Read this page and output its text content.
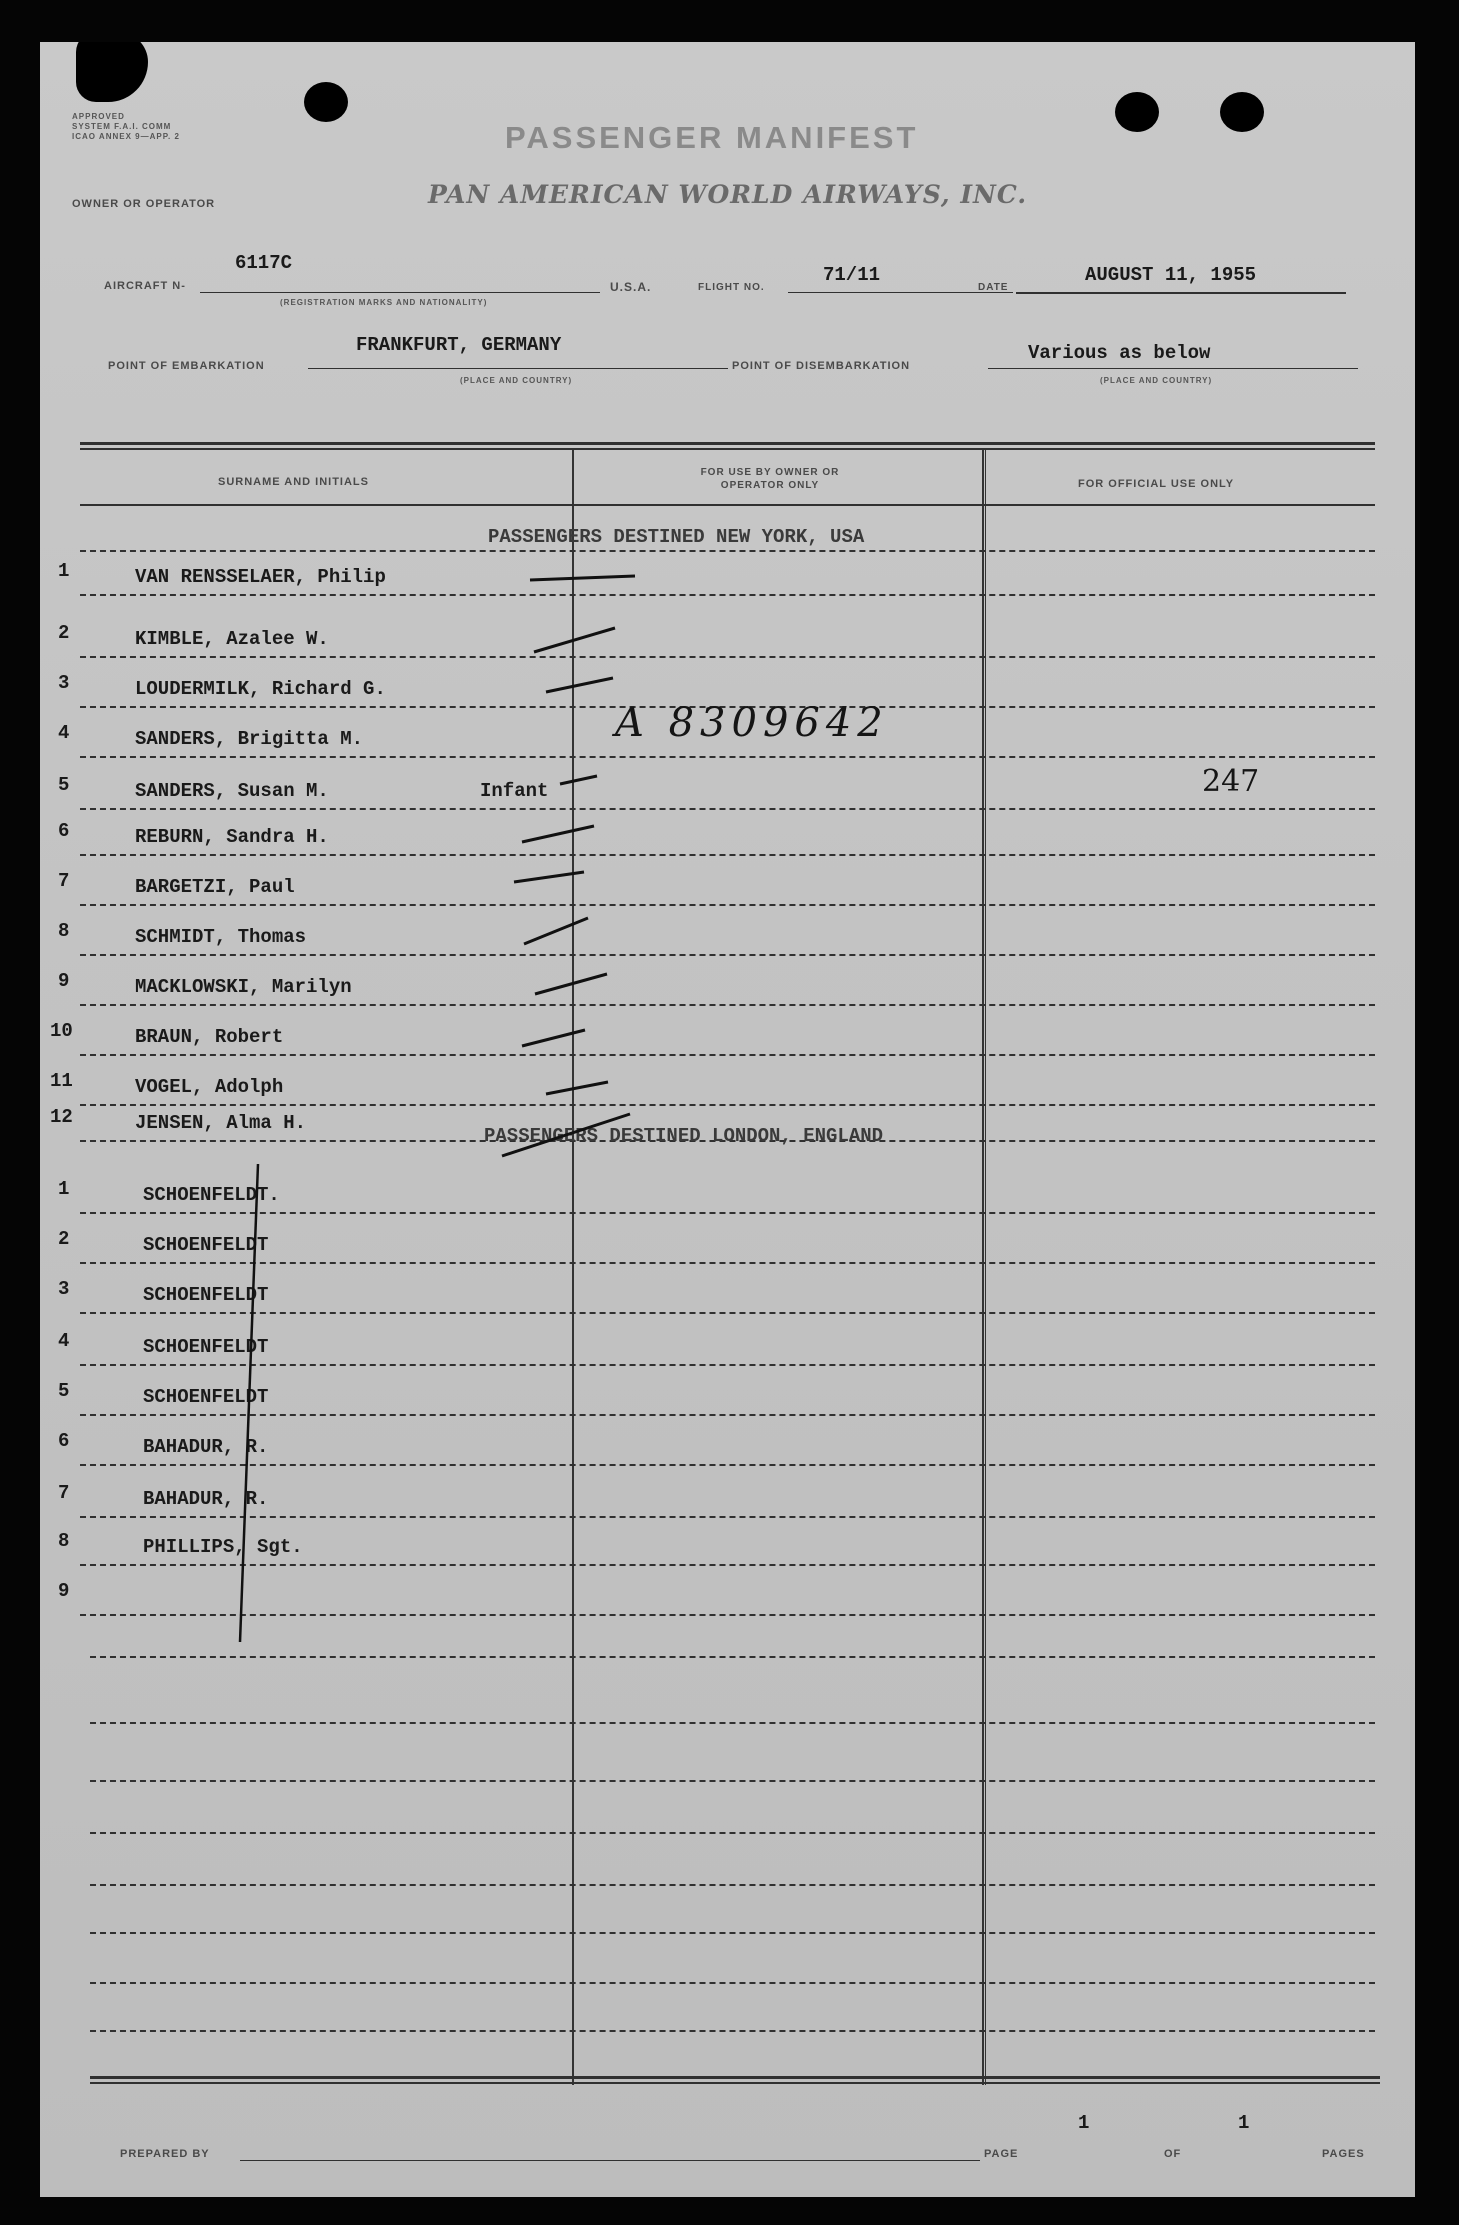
APPROVED
SYSTEM F.A.I. COMM
ICAO ANNEX 9—APP. 2	PASSENGER MANIFEST
OWNER OR OPERATOR	PAN AMERICAN WORLD AIRWAYS, INC.
AIRCRAFT N-
6117C
(REGISTRATION MARKS AND NATIONALITY)
U.S.A.	FLIGHT NO.
71/11
DATE
AUGUST 11, 1955
POINT OF EMBARKATION
FRANKFURT, GERMANY
(PLACE AND COUNTRY)
POINT OF DISEMBARKATION
Various as below
(PLACE AND COUNTRY)
SURNAME AND INITIALS
FOR USE BY OWNER OR OPERATOR ONLY	FOR OFFICIAL USE ONLY
PASSENGERS DESTINED NEW YORK, USA
1	VAN RENSSELAER, Philip
2	KIMBLE, Azalee W.
3	LOUDERMILK, Richard G.
4	SANDERS, Brigitta M.
5	SANDERS, Susan M.	Infant
6	REBURN, Sandra H.
7	BARGETZI, Paul
8	SCHMIDT, Thomas
9	MACKLOWSKI, Marilyn
10	BRAUN, Robert
11	VOGEL, Adolph
12	JENSEN, Alma H.
PASSENGERS DESTINED LONDON, ENGLAND
1	SCHOENFELDT.
2	SCHOENFELDT
3	SCHOENFELDT
4	SCHOENFELDT
5	SCHOENFELDT
6	BAHADUR, R.
7	BAHADUR, R.
8	PHILLIPS, Sgt.
9
A 8309642
247
PREPARED BY	PAGE
1
OF
1
PAGES
